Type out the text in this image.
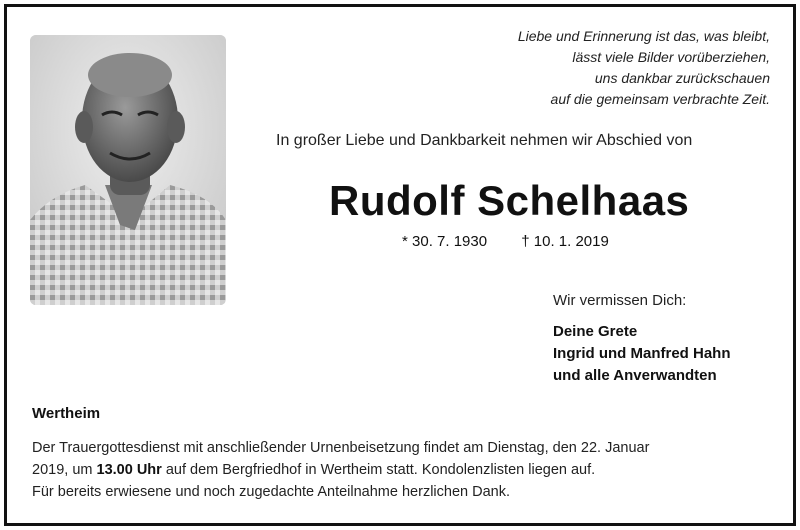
Liebe und Erinnerung ist das, was bleibt,
lässt viele Bilder vorüberziehen,
uns dankbar zurückschauen
auf die gemeinsam verbrachte Zeit.
In großer Liebe und Dankbarkeit nehmen wir Abschied von
Rudolf Schelhaas
* 30. 7. 1930 † 10. 1. 2019
Wir vermissen Dich:
Deine Grete
Ingrid und Manfred Hahn
und alle Anverwandten
Wertheim
Der Trauergottesdienst mit anschließender Urnenbeisetzung findet am Dienstag, den 22. Januar
2019, um 13.00 Uhr auf dem Bergfriedhof in Wertheim statt. Kondolenzlisten liegen auf.
Für bereits erwiesene und noch zugedachte Anteilnahme herzlichen Dank.
